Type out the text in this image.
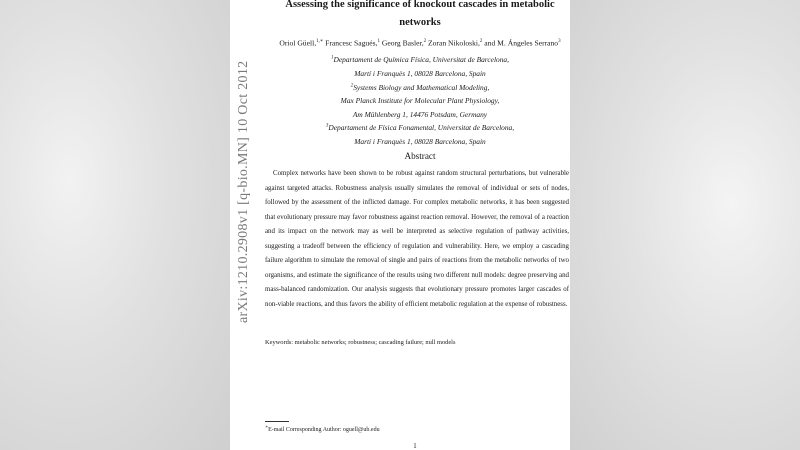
arXiv:1210.2908v1 [q-bio.MN] 10 Oct 2012
Assessing the significance of knockout cascades in metabolic networks
Oriol Güell,$^{1,∗}$ Francesc Sagués,$^1$ Georg Basler,$^2$ Zoran Nikoloski,$^2$ and M. Ángeles Serrano$^3$
$^1$Departament de Química Física, Universitat de Barcelona,
Martí i Franquès 1, 08028 Barcelona, Spain
$^2$Systems Biology and Mathematical Modeling,
Max Planck Institute for Molecular Plant Physiology,
Am Mühlenberg 1, 14476 Potsdam, Germany
$^3$Departament de Física Fonamental, Universitat de Barcelona,
Martí i Franquès 1, 08028 Barcelona, Spain
Abstract
Complex networks have been shown to be robust against random structural perturbations, but vulnerable against targeted attacks. Robustness analysis usually simulates the removal of individual or sets of nodes, followed by the assessment of the inflicted damage. For complex metabolic networks, it has been suggested that evolutionary pressure may favor robustness against reaction removal. However, the removal of a reaction and its impact on the network may as well be interpreted as selective regulation of pathway activities, suggesting a tradeoff between the efficiency of regulation and vulnerability. Here, we employ a cascading failure algorithm to simulate the removal of single and pairs of reactions from the metabolic networks of two organisms, and estimate the significance of the results using two different null models: degree preserving and mass-balanced randomization. Our analysis suggests that evolutionary pressure promotes larger cascades of non-viable reactions, and thus favors the ability of efficient metabolic regulation at the expense of robustness.
Keywords: metabolic networks; robustness; cascading failure; null models
∗E-mail Corresponding Author: oguell@ub.edu
1
